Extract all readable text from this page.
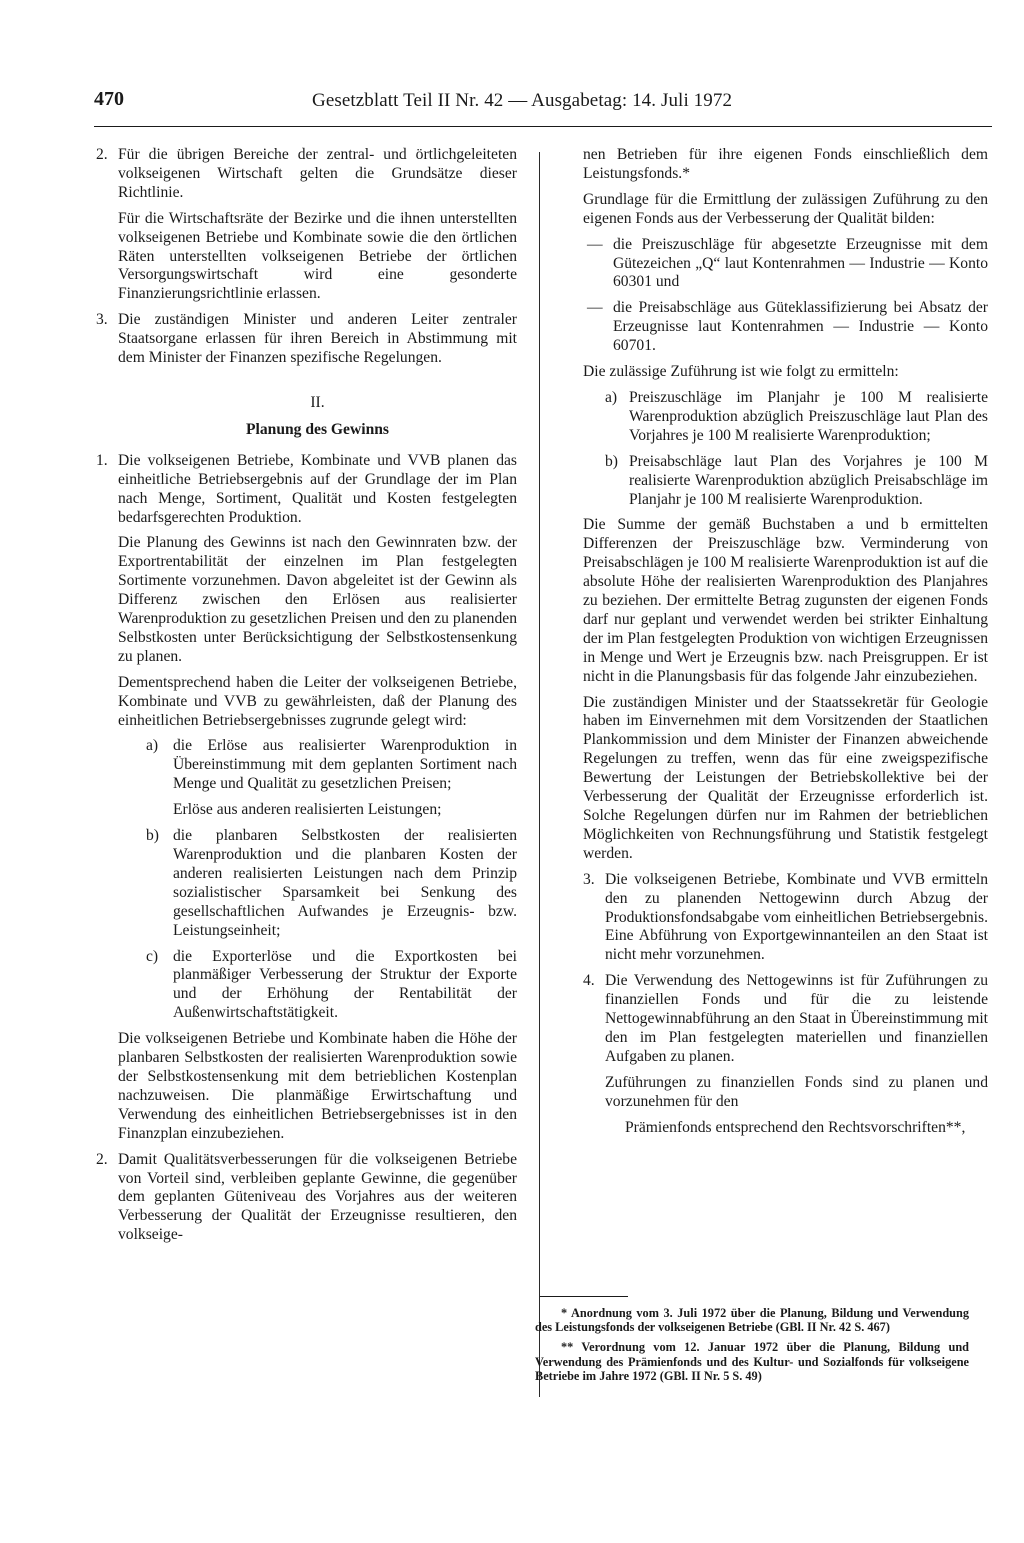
470	Gesetzblatt Teil II Nr. 42 — Ausgabetag: 14. Juli 1972
2. Für die übrigen Bereiche der zentral- und örtlichgeleiteten volkseigenen Wirtschaft gelten die Grundsätze dieser Richtlinie.

Für die Wirtschaftsräte der Bezirke und die ihnen unterstellten volkseigenen Betriebe und Kombinate sowie die den örtlichen Räten unterstellten volkseigenen Betriebe der örtlichen Versorgungswirtschaft wird eine gesonderte Finanzierungsrichtlinie erlassen.

3. Die zuständigen Minister und anderen Leiter zentraler Staatsorgane erlassen für ihren Bereich in Abstimmung mit dem Minister der Finanzen spezifische Regelungen.
II.
Planung des Gewinns
1. Die volkseigenen Betriebe, Kombinate und VVB planen das einheitliche Betriebsergebnis auf der Grundlage der im Plan nach Menge, Sortiment, Qualität und Kosten festgelegten bedarfsgerechten Produktion.

Die Planung des Gewinns ist nach den Gewinnraten bzw. der Exportrentabilität der einzelnen im Plan festgelegten Sortimente vorzunehmen. Davon abgeleitet ist der Gewinn als Differenz zwischen den Erlösen aus realisierter Warenproduktion zu gesetzlichen Preisen und den zu planenden Selbstkosten unter Berücksichtigung der Selbstkostensenkung zu planen.

Dementsprechend haben die Leiter der volkseigenen Betriebe, Kombinate und VVB zu gewährleisten, daß der Planung des einheitlichen Betriebsergebnisses zugrunde gelegt wird:

a) die Erlöse aus realisierter Warenproduktion in Übereinstimmung mit dem geplanten Sortiment nach Menge und Qualität zu gesetzlichen Preisen;

Erlöse aus anderen realisierten Leistungen;

b) die planbaren Selbstkosten der realisierten Warenproduktion und die planbaren Kosten der anderen realisierten Leistungen nach dem Prinzip sozialistischer Sparsamkeit bei Senkung des gesellschaftlichen Aufwandes je Erzeugnis- bzw. Leistungseinheit;
c) die Exporterlöse und die Exportkosten bei planmäßiger Verbesserung der Struktur der Exporte und der Erhöhung der Rentabilität der Außenwirtschaftstätigkeit.

Die volkseigenen Betriebe und Kombinate haben die Höhe der planbaren Selbstkosten der realisierten Warenproduktion sowie der Selbstkostensenkung mit dem betrieblichen Kostenplan nachzuweisen. Die planmäßige Erwirtschaftung und Verwendung des einheitlichen Betriebsergebnisses ist in den Finanzplan einzubeziehen.

2. Damit Qualitätsverbesserungen für die volkseigenen Betriebe von Vorteil sind, verbleiben geplante Gewinne, die gegenüber dem geplanten Güteniveau des Vorjahres aus der weiteren Verbesserung der Qualität der Erzeugnisse resultieren, den volkseige-

nen Betrieben für ihre eigenen Fonds einschließlich dem Leistungsfonds.*

Grundlage für die Ermittlung der zulässigen Zuführung zu den eigenen Fonds aus der Verbesserung der Qualität bilden:

— die Preiszuschläge für abgesetzte Erzeugnisse mit dem Gütezeichen „Q“ laut Kontenrahmen — Industrie — Konto 60301 und
— die Preisabschläge aus Güteklassifizierung bei Absatz der Erzeugnisse laut Kontenrahmen — Industrie — Konto 60701.

Die zulässige Zuführung ist wie folgt zu ermitteln:

a) Preiszuschläge im Planjahr je 100 M realisierte Warenproduktion abzüglich Preiszuschläge laut Plan des Vorjahres je 100 M realisierte Warenproduktion;
b) Preisabschläge laut Plan des Vorjahres je 100 M realisierte Warenproduktion abzüglich Preisabschläge im Planjahr je 100 M realisierte Warenproduktion.

Die Summe der gemäß Buchstaben a und b ermittelten Differenzen der Preiszuschläge bzw. Verminderung von Preisabschlägen je 100 M realisierte Warenproduktion ist auf die absolute Höhe der realisierten Warenproduktion des Planjahres zu beziehen. Der ermittelte Betrag zugunsten der eigenen Fonds darf nur geplant und verwendet werden bei strikter Einhaltung der im Plan festgelegten Produktion von wichtigen Erzeugnissen in Menge und Wert je Erzeugnis bzw. nach Preisgruppen. Er ist nicht in die Planungsbasis für das folgende Jahr einzubeziehen.

Die zuständigen Minister und der Staatssekretär für Geologie haben im Einvernehmen mit dem Vorsitzenden der Staatlichen Plankommission und dem Minister der Finanzen abweichende Regelungen zu treffen, wenn das für eine zweigspezifische Bewertung der Leistungen der Betriebskollektive bei der Verbesserung der Qualität der Erzeugnisse erforderlich ist. Solche Regelungen dürfen nur im Rahmen der betrieblichen Möglichkeiten von Rechnungsführung und Statistik festgelegt werden.

3. Die volkseigenen Betriebe, Kombinate und VVB ermitteln den zu planenden Nettogewinn durch Abzug der Produktionsfondsabgabe vom einheitlichen Betriebsergebnis. Eine Abführung von Exportgewinnanteilen an den Staat ist nicht mehr vorzunehmen.
4. Die Verwendung des Nettogewinns ist für Zuführungen zu finanziellen Fonds und für die zu leistende Nettogewinnabführung an den Staat in Übereinstimmung mit den im Plan festgelegten materiellen und finanziellen Aufgaben zu planen.

Zuführungen zu finanziellen Fonds sind zu planen und vorzunehmen für den

Prämienfonds entsprechend den Rechtsvorschriften**,

* Anordnung vom 3. Juli 1972 über die Planung, Bildung und Verwendung des Leistungsfonds der volkseigenen Betriebe (GBl. II Nr. 42 S. 467)

** Verordnung vom 12. Januar 1972 über die Planung, Bildung und Verwendung des Prämienfonds und des Kultur- und Sozialfonds für volkseigene Betriebe im Jahre 1972 (GBl. II Nr. 5 S. 49)
